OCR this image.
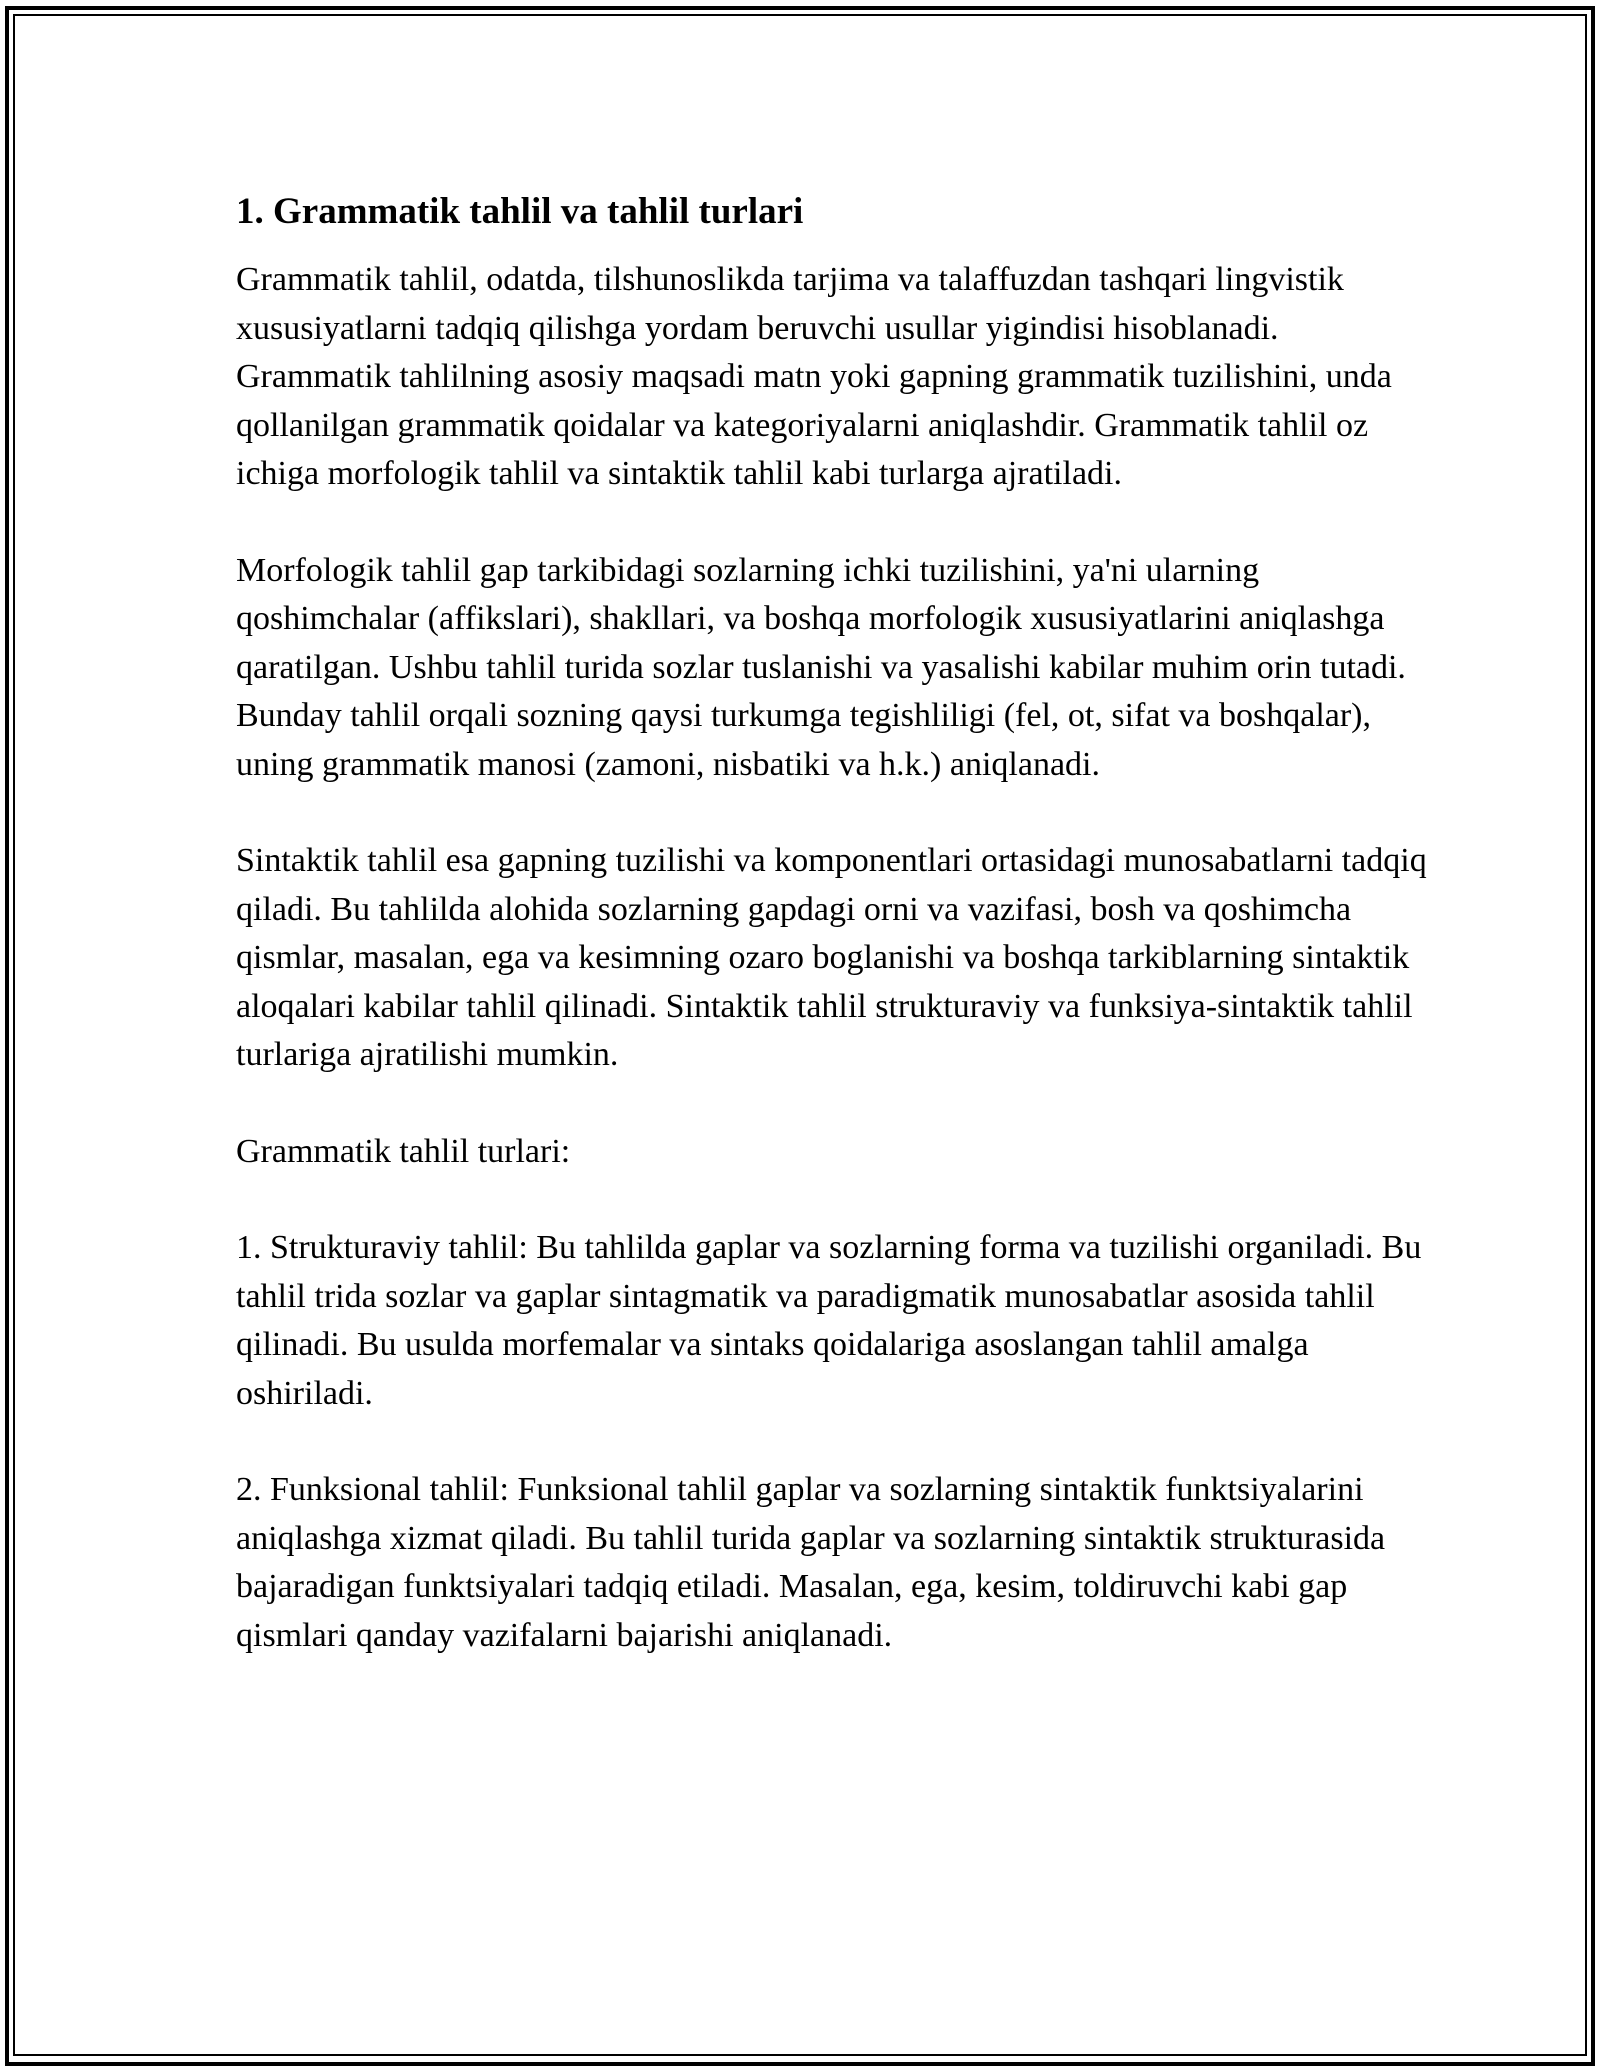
1. Grammatik tahlil va tahlil turlari

Grammatik tahlil, odatda, tilshunoslikda tarjima va talaffuzdan tashqari lingvistik xususiyatlarni tadqiq qilishga yordam beruvchi usullar yigindisi hisoblanadi. Grammatik tahlilning asosiy maqsadi matn yoki gapning grammatik tuzilishini, unda qollanilgan grammatik qoidalar va kategoriyalarni aniqlashdir. Grammatik tahlil oz ichiga morfologik tahlil va sintaktik tahlil kabi turlarga ajratiladi.

Morfologik tahlil gap tarkibidagi sozlarning ichki tuzilishini, ya'ni ularning qoshimchalar (affikslari), shakllari, va boshqa morfologik xususiyatlarini aniqlashga qaratilgan. Ushbu tahlil turida sozlar tuslanishi va yasalishi kabilar muhim orin tutadi. Bunday tahlil orqali sozning qaysi turkumga tegishliligi (fel, ot, sifat va boshqalar), uning grammatik manosi (zamoni, nisbatiki va h.k.) aniqlanadi.

Sintaktik tahlil esa gapning tuzilishi va komponentlari ortasidagi munosabatlarni tadqiq qiladi. Bu tahlilda alohida sozlarning gapdagi orni va vazifasi, bosh va qoshimcha qismlar, masalan, ega va kesimning ozaro boglanishi va boshqa tarkiblarning sintaktik aloqalari kabilar tahlil qilinadi. Sintaktik tahlil strukturaviy va funksiya-sintaktik tahlil turlariga ajratilishi mumkin.

Grammatik tahlil turlari:

1. Strukturaviy tahlil: Bu tahlilda gaplar va sozlarning forma va tuzilishi organiladi. Bu tahlil trida sozlar va gaplar sintagmatik va paradigmatik munosabatlar asosida tahlil qilinadi. Bu usulda morfemalar va sintaks qoidalariga asoslangan tahlil amalga oshiriladi.

2. Funksional tahlil: Funksional tahlil gaplar va sozlarning sintaktik funktsiyalarini aniqlashga xizmat qiladi. Bu tahlil turida gaplar va sozlarning sintaktik strukturasida bajaradigan funktsiyalari tadqiq etiladi. Masalan, ega, kesim, toldiruvchi kabi gap qismlari qanday vazifalarni bajarishi aniqlanadi.
